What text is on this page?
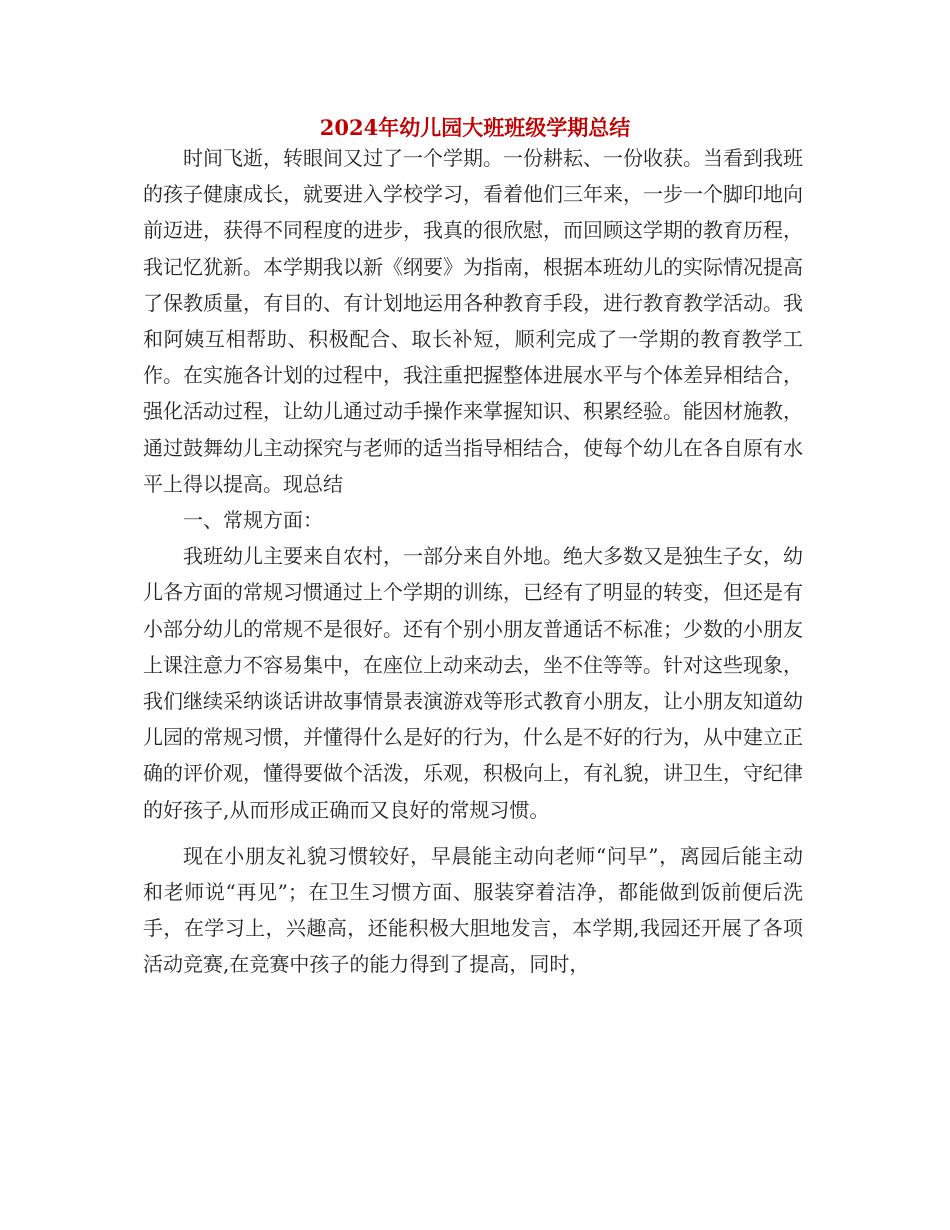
2024年幼儿园大班班级学期总结

时间飞逝，转眼间又过了一个学期。一份耕耘、一份收获。当看到我班的孩子健康成长，就要进入学校学习，看着他们三年来，一步一个脚印地向前迈进，获得不同程度的进步，我真的很欣慰，而回顾这学期的教育历程，我记忆犹新。本学期我以新《纲要》为指南，根据本班幼儿的实际情况提高了保教质量，有目的、有计划地运用各种教育手段，进行教育教学活动。我和阿姨互相帮助、积极配合、取长补短，顺利完成了一学期的教育教学工作。在实施各计划的过程中，我注重把握整体进展水平与个体差异相结合，强化活动过程，让幼儿通过动手操作来掌握知识、积累经验。能因材施教，通过鼓舞幼儿主动探究与老师的适当指导相结合，使每个幼儿在各自原有水平上得以提高。现总结

一、常规方面：

我班幼儿主要来自农村，一部分来自外地。绝大多数又是独生子女，幼儿各方面的常规习惯通过上个学期的训练，已经有了明显的转变，但还是有小部分幼儿的常规不是很好。还有个别小朋友普通话不标准；少数的小朋友上课注意力不容易集中，在座位上动来动去，坐不住等等。针对这些现象，我们继续采纳谈话讲故事情景表演游戏等形式教育小朋友，让小朋友知道幼儿园的常规习惯，并懂得什么是好的行为，什么是不好的行为，从中建立正确的评价观，懂得要做个活泼，乐观，积极向上，有礼貌，讲卫生，守纪律的好孩子,从而形成正确而又良好的常规习惯。

现在小朋友礼貌习惯较好，早晨能主动向老师“问早”，离园后能主动和老师说“再见”；在卫生习惯方面、服装穿着洁净，都能做到饭前便后洗手，在学习上，兴趣高，还能积极大胆地发言，本学期,我园还开展了各项活动竞赛,在竞赛中孩子的能力得到了提高，同时，
